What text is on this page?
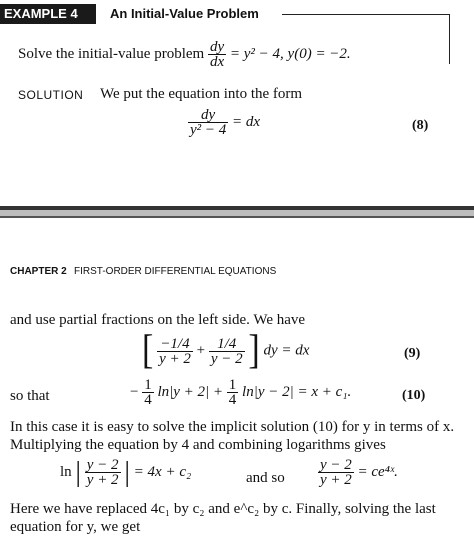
EXAMPLE 4	An Initial-Value Problem
Solve the initial-value problem $\frac{dy}{dx} = y^2 - 4$, y(0) = −2.
SOLUTION We put the equation into the form
$\frac{dy}{\text{y² − 4}}$ = dx	(8)
CHAPTER 2 FIRST-ORDER DIFFERENTIAL EQUATIONS
and use partial fractions on the left side. We have
[ $\frac{-1/4}{y + 2} + \frac{1/4}{y - 2}$ ] dy = dx	(9)
so that	− $\frac{1}{4} \ln|y + 2| + \frac{1}{4} \ln|y - 2| = x + c_1$.	(10)
In this case it is easy to solve the implicit solution (10) for y in terms of x. Multiplying the equation by 4 and combining logarithms gives
ln | $\frac{y - 2}{y + 2}$ | = 4x + c₂	and so $\frac{y - 2}{y + 2}$ = ce⁴ˣ.
Here we have replaced 4c₁ by c₂ and e^c₂ by c. Finally, solving the last equation for y, we get
